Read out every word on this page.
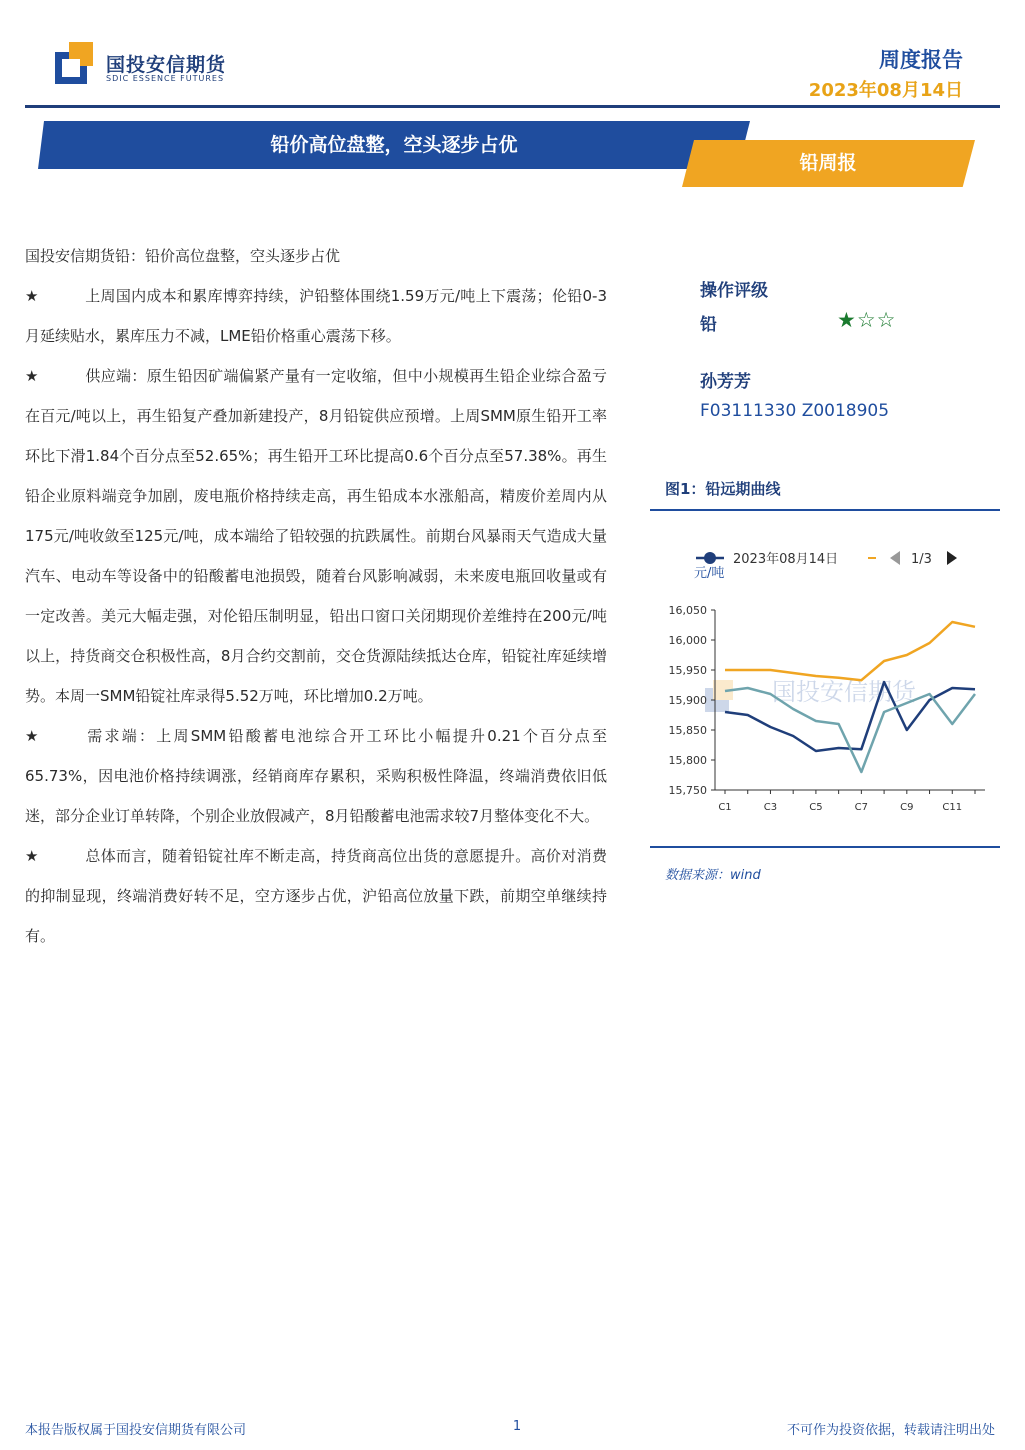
国投安信期货
SDIC ESSENCE FUTURES
周度报告
2023年08月14日
铅价高位盘整，空头逐步占优
铅周报

国投安信期货铅：铅价高位盘整，空头逐步占优

★	上周国内成本和累库博弈持续，沪铅整体围绕1.59万元/吨上下震荡；伦铅0-3月延续贴水，累库压力不减，LME铅价格重心震荡下移。

★	供应端：原生铅因矿端偏紧产量有一定收缩，但中小规模再生铅企业综合盈亏在百元/吨以上，再生铅复产叠加新建投产，8月铅锭供应预增。上周SMM原生铅开工率环比下滑1.84个百分点至52.65%；再生铅开工环比提高0.6个百分点至57.38%。再生铅企业原料端竞争加剧，废电瓶价格持续走高，再生铅成本水涨船高，精废价差周内从175元/吨收敛至125元/吨，成本端给了铅较强的抗跌属性。前期台风暴雨天气造成大量汽车、电动车等设备中的铅酸蓄电池损毁，随着台风影响减弱，未来废电瓶回收量或有一定改善。美元大幅走强，对伦铅压制明显，铅出口窗口关闭期现价差维持在200元/吨以上，持货商交仓积极性高，8月合约交割前，交仓货源陆续抵达仓库，铅锭社库延续增势。本周一SMM铅锭社库录得5.52万吨，环比增加0.2万吨。

★	需求端：上周SMM铅酸蓄电池综合开工环比小幅提升0.21个百分点至65.73%，因电池价格持续调涨，经销商库存累积，采购积极性降温，终端消费依旧低迷，部分企业订单转降，个别企业放假减产，8月铅酸蓄电池需求较7月整体变化不大。

★	总体而言，随着铅锭社库不断走高，持货商高位出货的意愿提升。高价对消费的抑制显现，终端消费好转不足，空方逐步占优，沪铅高位放量下跌，前期空单继续持有。

操作评级
铅	★☆☆
孙芳芳
F03111330 Z0018905
图1：铅远期曲线
国投安信期货
16,050
16,000
15,950
15,900
15,850
15,800
15,750
C1	C3	C5	C7	C9	C11
2023年08月14日	1/3
元/吨
数据来源：wind
本报告版权属于国投安信期货有限公司	1	不可作为投资依据，转载请注明出处
